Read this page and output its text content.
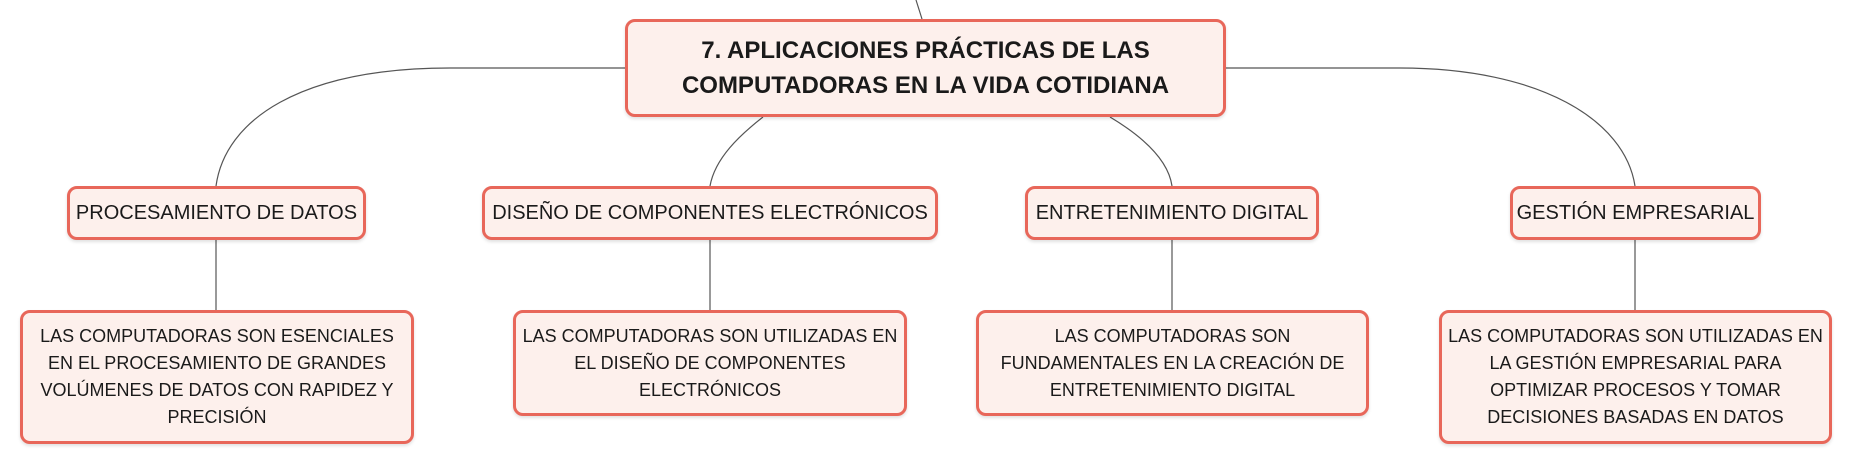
7. APLICACIONES PRÁCTICAS DE LAS COMPUTADORAS EN LA VIDA COTIDIANA
PROCESAMIENTO DE DATOS	DISEÑO DE COMPONENTES ELECTRÓNICOS	ENTRETENIMIENTO DIGITAL	GESTIÓN EMPRESARIAL
LAS COMPUTADORAS SON ESENCIALES EN EL PROCESAMIENTO DE GRANDES VOLÚMENES DE DATOS CON RAPIDEZ Y PRECISIÓN
LAS COMPUTADORAS SON UTILIZADAS EN EL DISEÑO DE COMPONENTES ELECTRÓNICOS
LAS COMPUTADORAS SON FUNDAMENTALES EN LA CREACIÓN DE ENTRETENIMIENTO DIGITAL
LAS COMPUTADORAS SON UTILIZADAS EN LA GESTIÓN EMPRESARIAL PARA OPTIMIZAR PROCESOS Y TOMAR DECISIONES BASADAS EN DATOS
